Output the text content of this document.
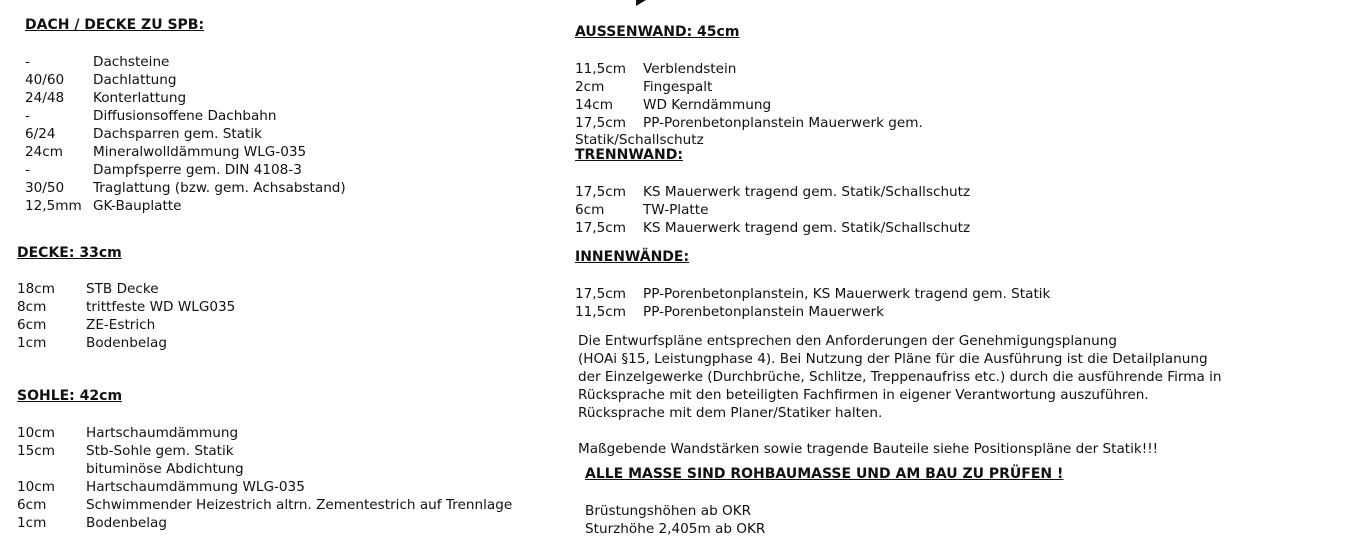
DACH / DECKE ZU SPB:
-	Dachsteine
40/60 Dachlattung
24/48 Konterlattung
-	Diffusionsoffene Dachbahn
6/24	Dachsparren gem. Statik
24cm Mineralwolldämmung WLG-035
-	Dampfsperre gem. DIN 4108-3
30/50 Traglattung (bzw. gem. Achsabstand)
12,5mm GK-Bauplatte
DECKE: 33cm
18cm STB Decke
8cm	trittfeste WD WLG035
6cm	ZE-Estrich
1cm	Bodenbelag
SOHLE: 42cm
10cm Hartschaumdämmung
15cm Stb-Sohle gem. Statik
bituminöse Abdichtung
10cm Hartschaumdämmung WLG-035
6cm	Schwimmender Heizestrich altrn. Zementestrich auf Trennlage
1cm	Bodenbelag
AUSSENWAND: 45cm
11,5cm Verblendstein
2cm	Fingespalt
14cm WD Kerndämmung
17,5cm PP-Porenbetonplanstein Mauerwerk gem.
Statik/Schallschutz
TRENNWAND:
17,5cm KS Mauerwerk tragend gem. Statik/Schallschutz
6cm	TW-Platte
17,5cm KS Mauerwerk tragend gem. Statik/Schallschutz
INNENWÄNDE:
17,5cm PP-Porenbetonplanstein, KS Mauerwerk tragend gem. Statik
11,5cm PP-Porenbetonplanstein Mauerwerk
Die Entwurfspläne entsprechen den Anforderungen der Genehmigungsplanung
(HOAi §15, Leistungphase 4). Bei Nutzung der Pläne für die Ausführung ist die Detailplanung
der Einzelgewerke (Durchbrüche, Schlitze, Treppenaufriss etc.) durch die ausführende Firma in
Rücksprache mit den beteiligten Fachfirmen in eigener Verantwortung auszuführen.
Rücksprache mit dem Planer/Statiker halten.
Maßgebende Wandstärken sowie tragende Bauteile siehe Positionspläne der Statik!!!
ALLE MASSE SIND ROHBAUMASSE UND AM BAU ZU PRÜFEN !
Brüstungshöhen ab OKR
Sturzhöhe 2,405m ab OKR
